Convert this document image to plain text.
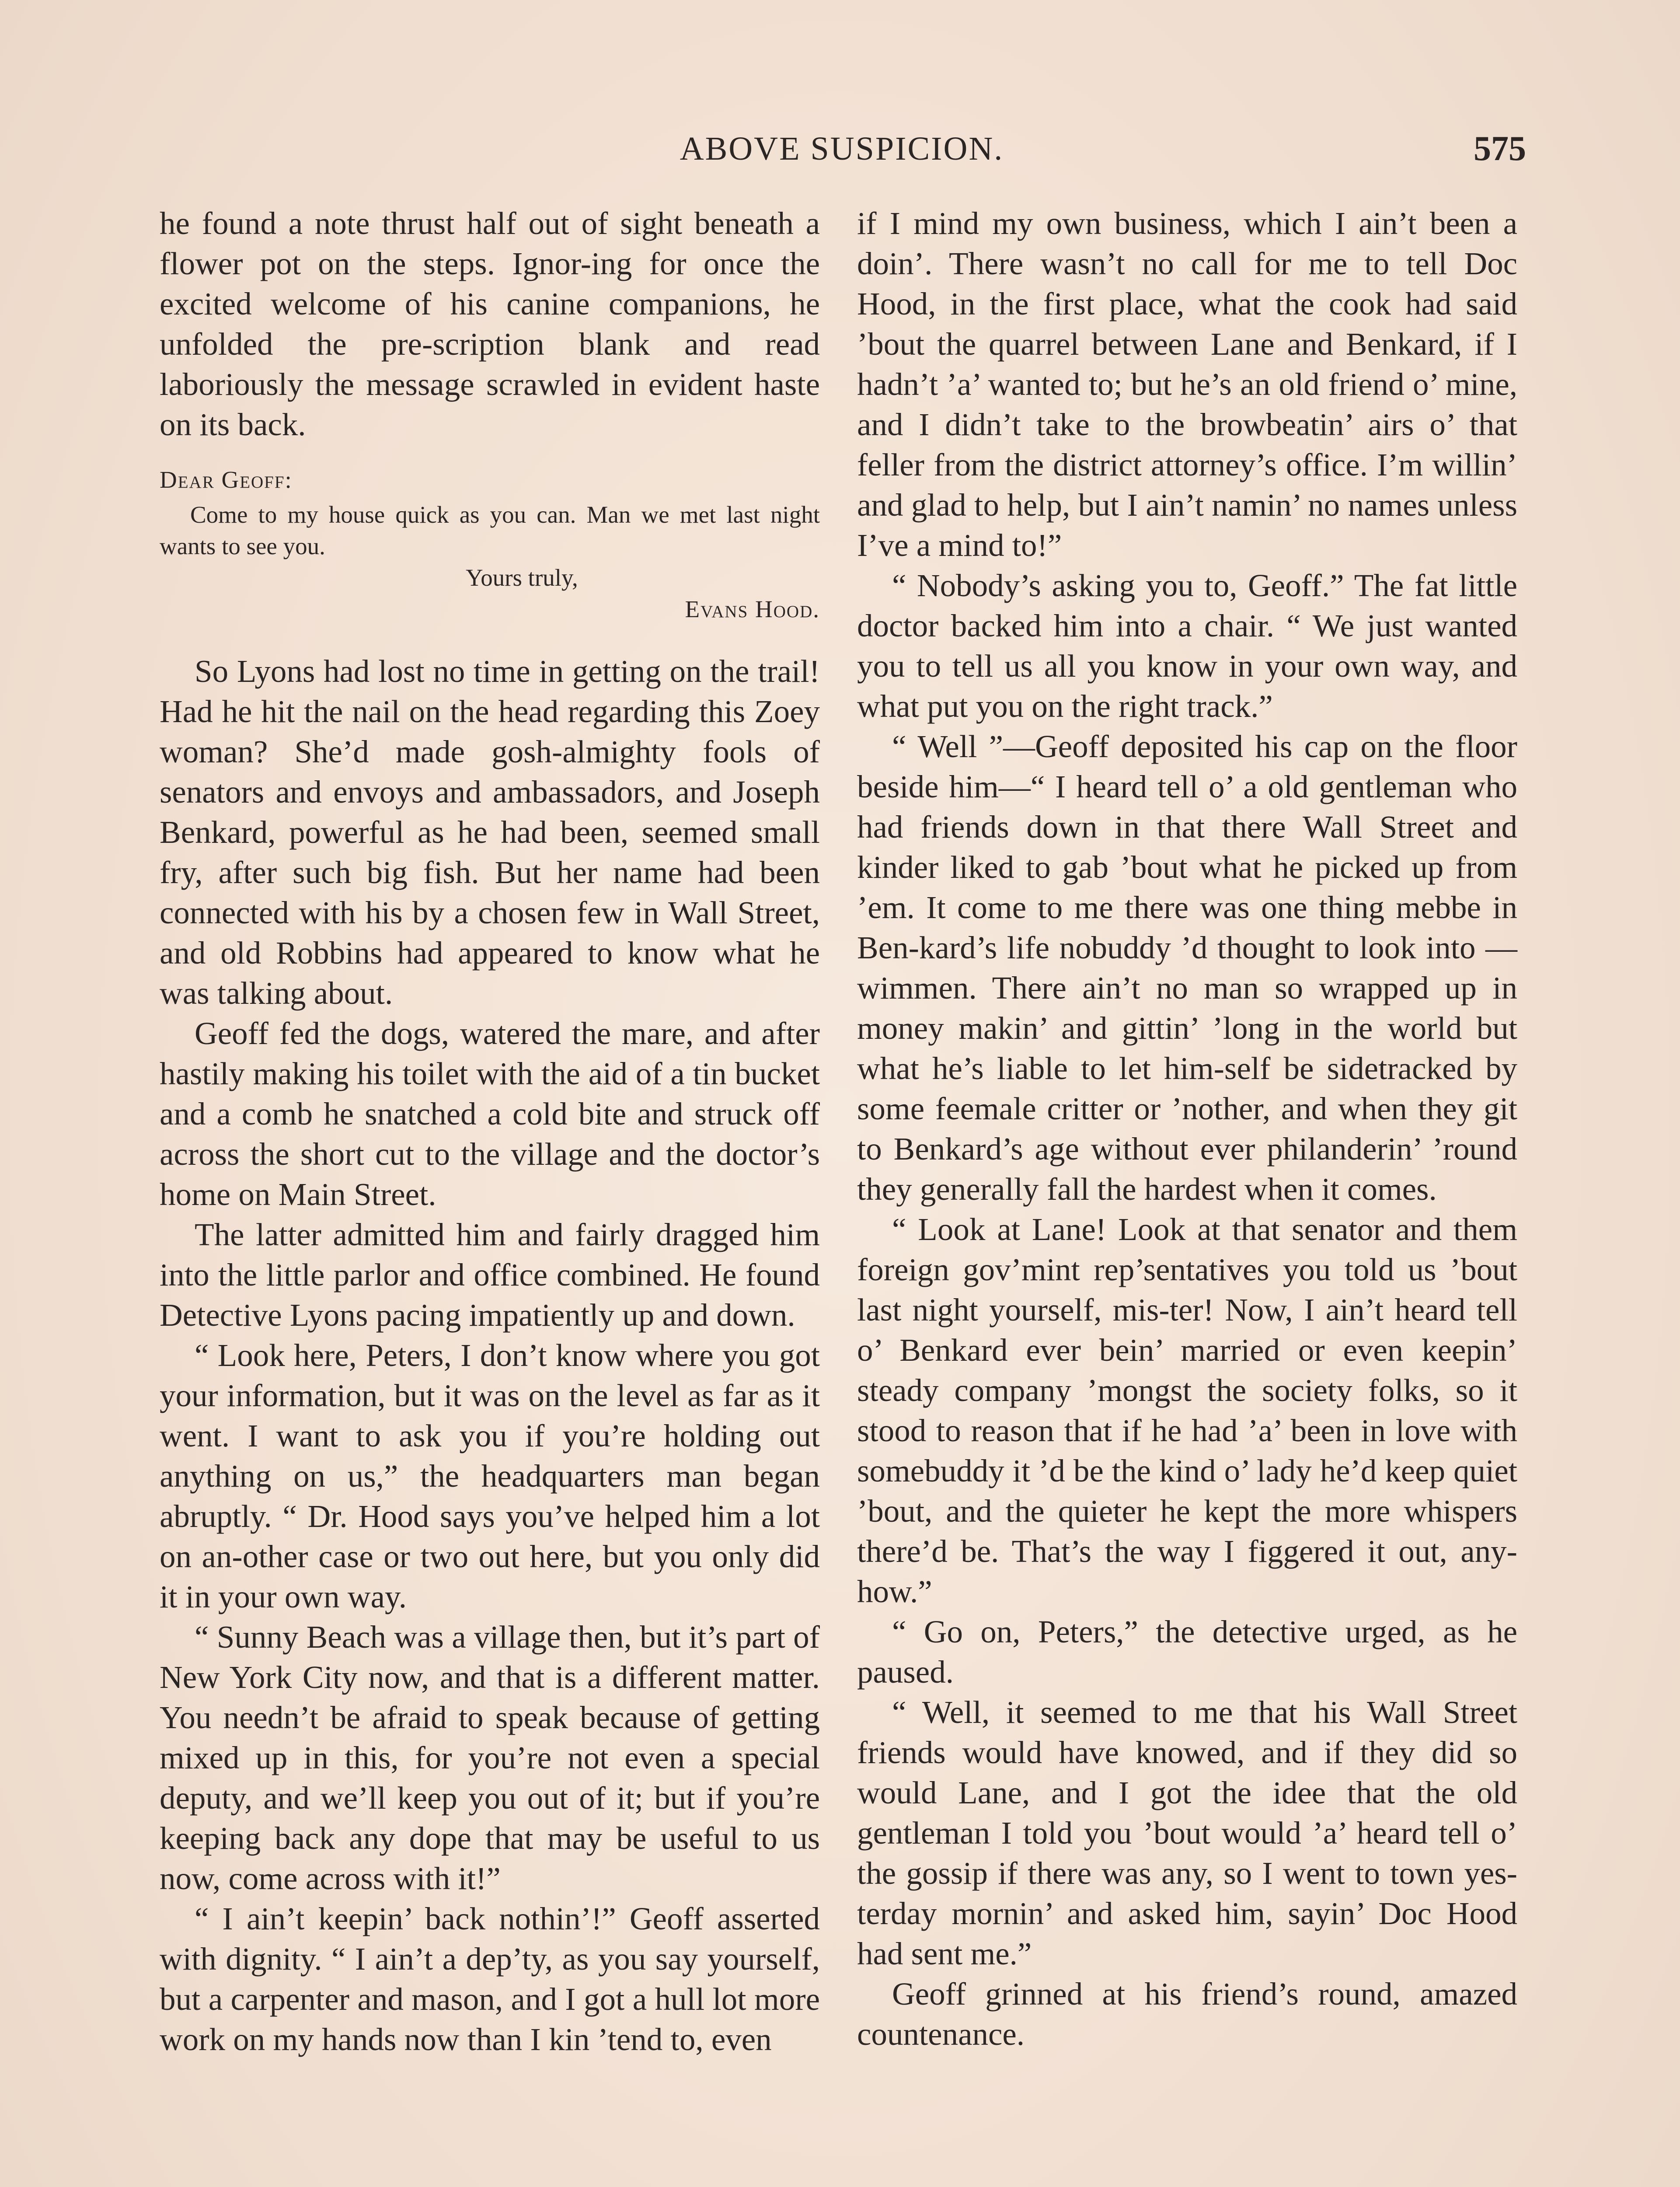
ABOVE SUSPICION.	575

he found a note thrust half out of sight beneath a flower pot on the steps. Ignor-ing for once the excited welcome of his canine companions, he unfolded the pre-scription blank and read laboriously the message scrawled in evident haste on its back.

Dear Geoff:
Come to my house quick as you can. Man we met last night wants to see you.
Yours truly,
Evans Hood.

So Lyons had lost no time in getting on the trail! Had he hit the nail on the head regarding this Zoey woman? She’d made gosh-almighty fools of senators and envoys and ambassadors, and Joseph Benkard, powerful as he had been, seemed small fry, after such big fish. But her name had been connected with his by a chosen few in Wall Street, and old Robbins had appeared to know what he was talking about.

Geoff fed the dogs, watered the mare, and after hastily making his toilet with the aid of a tin bucket and a comb he snatched a cold bite and struck off across the short cut to the village and the doctor’s home on Main Street.

The latter admitted him and fairly dragged him into the little parlor and office combined. He found Detective Lyons pacing impatiently up and down.

“ Look here, Peters, I don’t know where you got your information, but it was on the level as far as it went. I want to ask you if you’re holding out anything on us,” the headquarters man began abruptly. “ Dr. Hood says you’ve helped him a lot on an-other case or two out here, but you only did it in your own way.

“ Sunny Beach was a village then, but it’s part of New York City now, and that is a different matter. You needn’t be afraid to speak because of getting mixed up in this, for you’re not even a special deputy, and we’ll keep you out of it; but if you’re keeping back any dope that may be useful to us now, come across with it!”

“ I ain’t keepin’ back nothin’!” Geoff asserted with dignity. “ I ain’t a dep’ty, as you say yourself, but a carpenter and mason, and I got a hull lot more work on my hands now than I kin ’tend to, even

if I mind my own business, which I ain’t been a doin’. There wasn’t no call for me to tell Doc Hood, in the first place, what the cook had said ’bout the quarrel between Lane and Benkard, if I hadn’t ’a’ wanted to; but he’s an old friend o’ mine, and I didn’t take to the browbeatin’ airs o’ that feller from the district attorney’s office. I’m willin’ and glad to help, but I ain’t namin’ no names unless I’ve a mind to!”

“ Nobody’s asking you to, Geoff.” The fat little doctor backed him into a chair. “ We just wanted you to tell us all you know in your own way, and what put you on the right track.”

“ Well ”—Geoff deposited his cap on the floor beside him—“ I heard tell o’ a old gentleman who had friends down in that there Wall Street and kinder liked to gab ’bout what he picked up from ’em. It come to me there was one thing mebbe in Ben-kard’s life nobuddy ’d thought to look into —wimmen. There ain’t no man so wrapped up in money makin’ and gittin’ ’long in the world but what he’s liable to let him-self be sidetracked by some feemale critter or ’nother, and when they git to Benkard’s age without ever philanderin’ ’round they generally fall the hardest when it comes.

“ Look at Lane! Look at that senator and them foreign gov’mint rep’sentatives you told us ’bout last night yourself, mis-ter! Now, I ain’t heard tell o’ Benkard ever bein’ married or even keepin’ steady company ’mongst the society folks, so it stood to reason that if he had ’a’ been in love with somebuddy it ’d be the kind o’ lady he’d keep quiet ’bout, and the quieter he kept the more whispers there’d be. That’s the way I figgered it out, any-how.”

“ Go on, Peters,” the detective urged, as he paused.

“ Well, it seemed to me that his Wall Street friends would have knowed, and if they did so would Lane, and I got the idee that the old gentleman I told you ’bout would ’a’ heard tell o’ the gossip if there was any, so I went to town yes-terday mornin’ and asked him, sayin’ Doc Hood had sent me.”

Geoff grinned at his friend’s round, amazed countenance.
